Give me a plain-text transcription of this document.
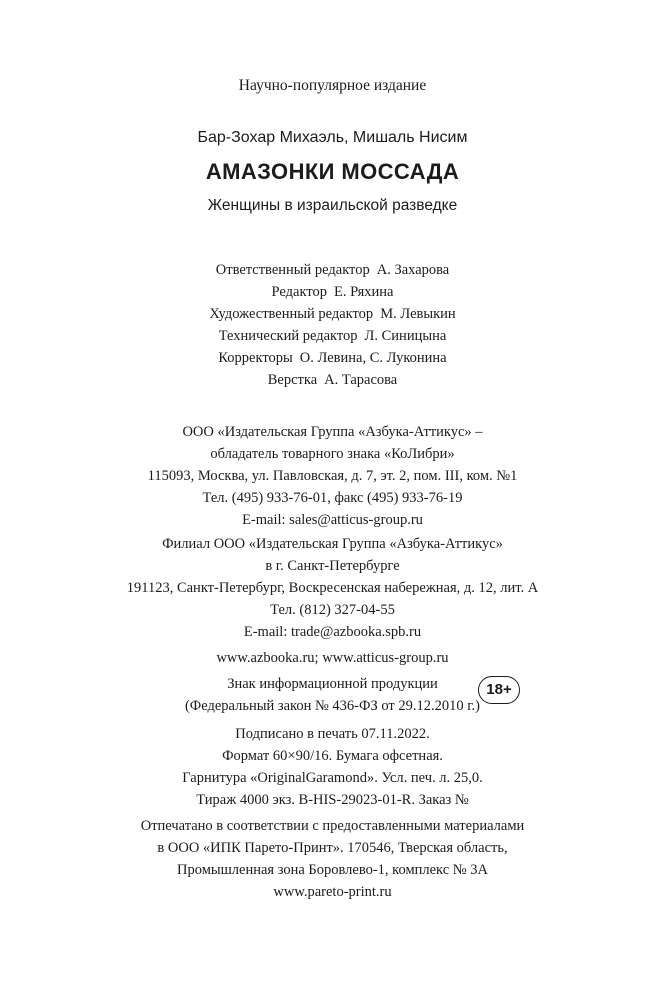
Научно-популярное издание

Бар-Зохар Михаэль, Мишаль Нисим

АМАЗОНКИ МОССАДА

Женщины в израильской разведке

Ответственный редактор А. Захарова

Редактор Е. Ряхина

Художественный редактор М. Левыкин

Технический редактор Л. Синицына

Корректоры О. Левина, С. Луконина

Верстка А. Тарасова

ООО «Издательская Группа «Азбука-Аттикус» –

обладатель товарного знака «КоЛибри»

115093, Москва, ул. Павловская, д. 7, эт. 2, пом. III, ком. №1

Тел. (495) 933-76-01, факс (495) 933-76-19

E-mail: sales@atticus-group.ru

Филиал ООО «Издательская Группа «Азбука-Аттикус»

в г. Санкт-Петербурге

191123, Санкт-Петербург, Воскресенская набережная, д. 12, лит. А

Тел. (812) 327-04-55

E-mail: trade@azbooka.spb.ru

www.azbooka.ru; www.atticus-group.ru

Знак информационной продукции

(Федеральный закон № 436-ФЗ от 29.12.2010 г.)

18+

Подписано в печать 07.11.2022.

Формат 60×90/16. Бумага офсетная.

Гарнитура «OriginalGaramond». Усл. печ. л. 25,0.

Тираж 4000 экз. B-HIS-29023-01-R. Заказ №

Отпечатано в соответствии с предоставленными материалами

в ООО «ИПК Парето-Принт». 170546, Тверская область,

Промышленная зона Боровлево-1, комплекс № 3А

www.pareto-print.ru
